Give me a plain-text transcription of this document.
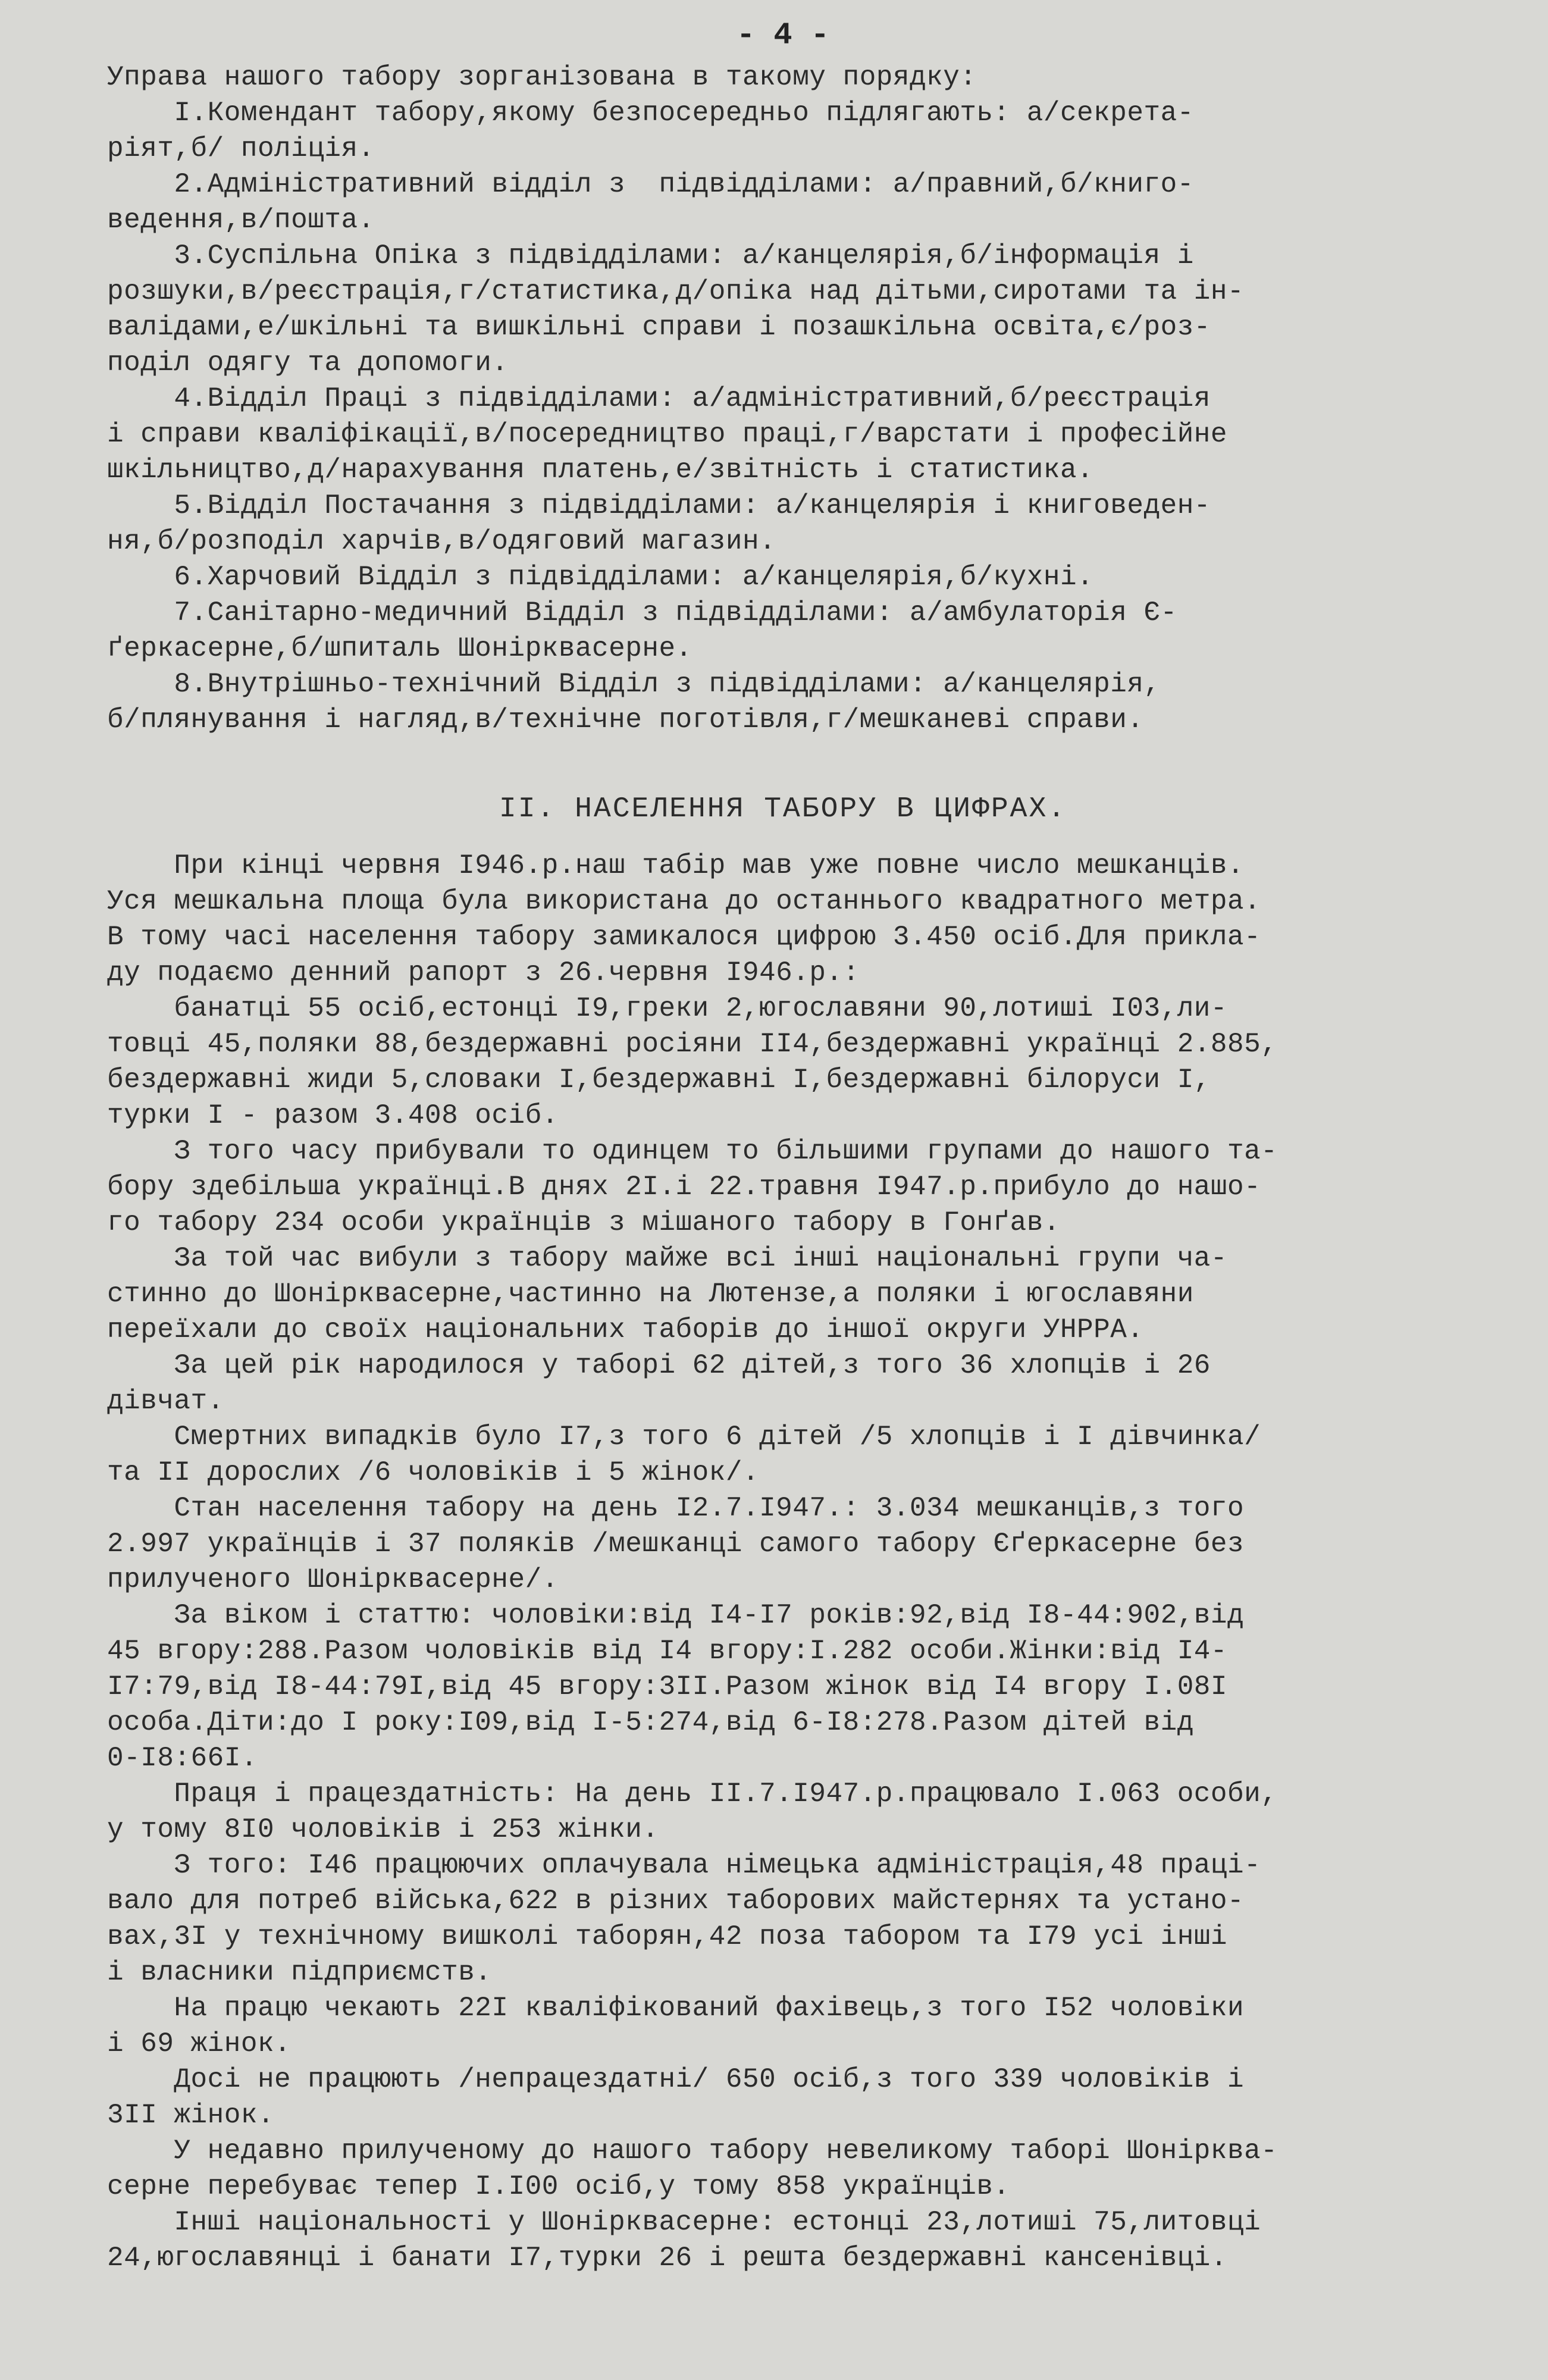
- 4 -
Управа нашого табору зорганізована в такому порядку:
І.Комендант табору,якому безпосередньо підлягають: а/секрета-
ріят,б/ поліція.
2.Адміністративний відділ з  підвідділами: а/правний,б/книго-
ведення,в/пошта.
3.Суспільна Опіка з підвідділами: а/канцелярія,б/інформація і
розшуки,в/реєстрація,г/статистика,д/опіка над дітьми,сиротами та ін-
валідами,е/шкільні та вишкільні справи і позашкільна освіта,є/роз-
поділ одягу та допомоги.
4.Відділ Праці з підвідділами: а/адміністративний,б/реєстрація
і справи кваліфікації,в/посередництво праці,г/варстати і професійне
шкільництво,д/нарахування платень,е/звітність і статистика.
5.Відділ Постачання з підвідділами: а/канцелярія і книговеден-
ня,б/розподіл харчів,в/одяговий магазин.
6.Харчовий Відділ з підвідділами: а/канцелярія,б/кухні.
7.Санітарно-медичний Відділ з підвідділами: а/амбулаторія Є-
ґеркасерне,б/шпиталь Шонірквасерне.
8.Внутрішньо-технічний Відділ з підвідділами: а/канцелярія,
б/плянування і нагляд,в/технічне поготівля,г/мешканеві справи.
II. НАСЕЛЕННЯ ТАБОРУ В ЦИФРАХ.
При кінці червня І946.р.наш табір мав уже повне число мешканців.
Уся мешкальна площа була використана до останнього квадратного метра.
В тому часі населення табору замикалося цифрою 3.450 осіб.Для прикла-
ду подаємо денний рапорт з 26.червня І946.р.:
банатці 55 осіб,естонці І9,греки 2,югославяни 90,лотиші І03,ли-
товці 45,поляки 88,бездержавні росіяни ІІ4,бездержавні українці 2.885,
бездержавні жиди 5,словаки І,бездержавні І,бездержавні білоруси І,
турки І - разом 3.408 осіб.
З того часу прибували то одинцем то більшими групами до нашого та-
бору здебільша українці.В днях 2І.і 22.травня І947.р.прибуло до нашо-
го табору 234 особи українців з мішаного табору в Гонґав.
За той час вибули з табору майже всі інші національні групи ча-
стинно до Шонірквасерне,частинно на Лютензе,а поляки і югославяни
переїхали до своїх національних таборів до іншої округи УНРРА.
За цей рік народилося у таборі 62 дітей,з того 36 хлопців і 26
дівчат.
Смертних випадків було І7,з того 6 дітей /5 хлопців і І дівчинка/
та ІІ дорослих /6 чоловіків і 5 жінок/.
Стан населення табору на день І2.7.І947.: 3.034 мешканців,з того
2.997 українців і 37 поляків /мешканці самого табору Єґеркасерне без
прилученого Шонірквасерне/.
За віком і статтю: чоловіки:від І4-І7 років:92,від І8-44:902,від
45 вгору:288.Разом чоловіків від І4 вгору:І.282 особи.Жінки:від І4-
І7:79,від І8-44:79І,від 45 вгору:3ІІ.Разом жінок від І4 вгору І.08І
особа.Діти:до І року:І09,від І-5:274,від 6-І8:278.Разом дітей від
0-І8:66І.
Праця і працездатність: На день ІІ.7.І947.р.працювало І.063 особи,
у тому 8І0 чоловіків і 253 жінки.
З того: І46 працюючих оплачувала німецька адміністрація,48 праці-
вало для потреб війська,622 в різних таборових майстернях та устано-
вах,3І у технічному вишколі таборян,42 поза табором та І79 усі інші
і власники підприємств.
На працю чекають 22І кваліфікований фахівець,з того І52 чоловіки
і 69 жінок.
Досі не працюють /непрацездатні/ 650 осіб,з того 339 чоловіків і
3ІІ жінок.
У недавно прилученому до нашого табору невеликому таборі Шонірква-
серне перебуває тепер І.І00 осіб,у тому 858 українців.
Інші національності у Шонірквасерне: естонці 23,лотиші 75,литовці
24,югославянці і банати І7,турки 26 і решта бездержавні кансенівці.
